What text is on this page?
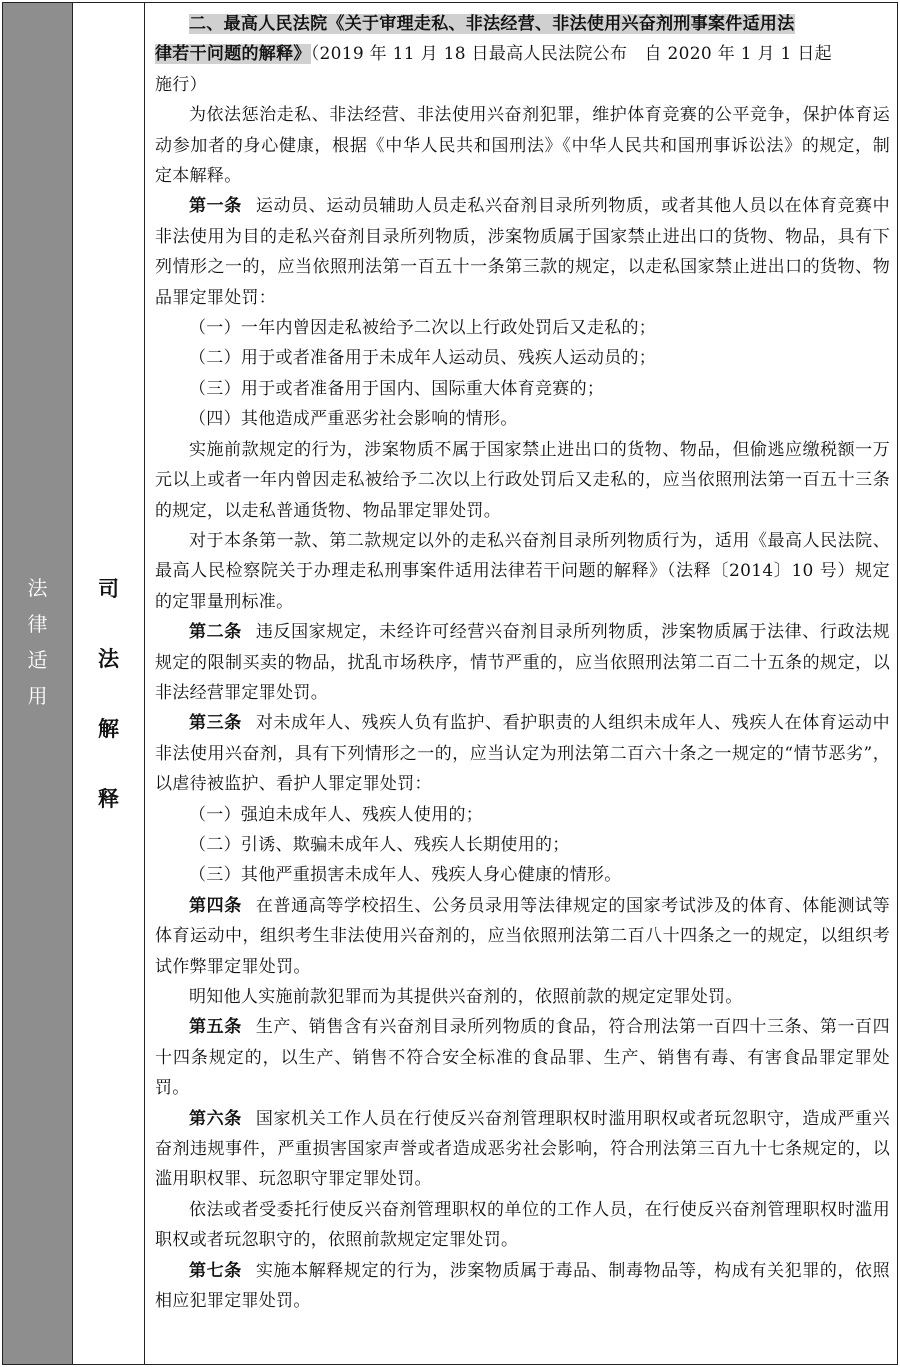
法
律
适
用
司
法
解
释

二、最高人民法院《关于审理走私、非法经营、非法使用兴奋剂刑事案件适用法

律若干问题的解释》（2019 年 11 月 18 日最高人民法院公布　自 2020 年 1 月 1 日起

施行）

为依法惩治走私、非法经营、非法使用兴奋剂犯罪，维护体育竞赛的公平竞争，保护体育运动参加者的身心健康，根据《中华人民共和国刑法》《中华人民共和国刑事诉讼法》的规定，制定本解释。

第一条 运动员、运动员辅助人员走私兴奋剂目录所列物质，或者其他人员以在体育竞赛中非法使用为目的走私兴奋剂目录所列物质，涉案物质属于国家禁止进出口的货物、物品，具有下列情形之一的，应当依照刑法第一百五十一条第三款的规定，以走私国家禁止进出口的货物、物品罪定罪处罚：

（一）一年内曾因走私被给予二次以上行政处罚后又走私的；

（二）用于或者准备用于未成年人运动员、残疾人运动员的；

（三）用于或者准备用于国内、国际重大体育竞赛的；

（四）其他造成严重恶劣社会影响的情形。

实施前款规定的行为，涉案物质不属于国家禁止进出口的货物、物品，但偷逃应缴税额一万元以上或者一年内曾因走私被给予二次以上行政处罚后又走私的，应当依照刑法第一百五十三条的规定，以走私普通货物、物品罪定罪处罚。

对于本条第一款、第二款规定以外的走私兴奋剂目录所列物质行为，适用《最高人民法院、最高人民检察院关于办理走私刑事案件适用法律若干问题的解释》（法释〔2014〕10 号）规定的定罪量刑标准。

第二条 违反国家规定，未经许可经营兴奋剂目录所列物质，涉案物质属于法律、行政法规规定的限制买卖的物品，扰乱市场秩序，情节严重的，应当依照刑法第二百二十五条的规定，以非法经营罪定罪处罚。

第三条 对未成年人、残疾人负有监护、看护职责的人组织未成年人、残疾人在体育运动中非法使用兴奋剂，具有下列情形之一的，应当认定为刑法第二百六十条之一规定的“情节恶劣”，以虐待被监护、看护人罪定罪处罚：

（一）强迫未成年人、残疾人使用的；

（二）引诱、欺骗未成年人、残疾人长期使用的；

（三）其他严重损害未成年人、残疾人身心健康的情形。

第四条 在普通高等学校招生、公务员录用等法律规定的国家考试涉及的体育、体能测试等体育运动中，组织考生非法使用兴奋剂的，应当依照刑法第二百八十四条之一的规定，以组织考试作弊罪定罪处罚。

明知他人实施前款犯罪而为其提供兴奋剂的，依照前款的规定定罪处罚。

第五条 生产、销售含有兴奋剂目录所列物质的食品，符合刑法第一百四十三条、第一百四十四条规定的，以生产、销售不符合安全标准的食品罪、生产、销售有毒、有害食品罪定罪处罚。

第六条 国家机关工作人员在行使反兴奋剂管理职权时滥用职权或者玩忽职守，造成严重兴奋剂违规事件，严重损害国家声誉或者造成恶劣社会影响，符合刑法第三百九十七条规定的，以滥用职权罪、玩忽职守罪定罪处罚。

依法或者受委托行使反兴奋剂管理职权的单位的工作人员，在行使反兴奋剂管理职权时滥用职权或者玩忽职守的，依照前款规定定罪处罚。

第七条 实施本解释规定的行为，涉案物质属于毒品、制毒物品等，构成有关犯罪的，依照相应犯罪定罪处罚。
